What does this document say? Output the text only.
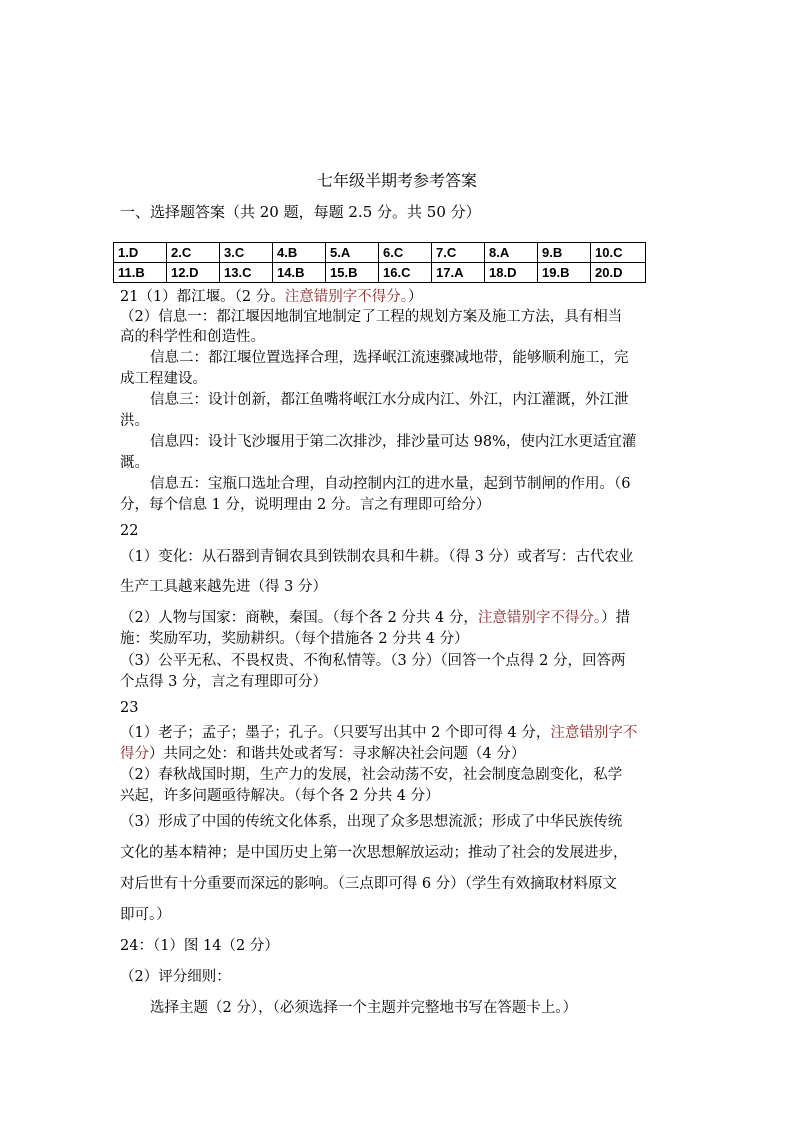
七年级半期考参考答案
一、选择题答案（共 20 题，每题 2.5 分。共 50 分）
1.D	2.C	3.C	4.B	5.A	6.C	7.C	8.A	9.B	10.C
11.B	12.D	13.C	14.B	15.B	16.C	17.A	18.D	19.B	20.D
21（1）都江堰。（2 分。注意错别字不得分。）
（2）信息一：都江堰因地制宜地制定了工程的规划方案及施工方法，具有相当
高的科学性和创造性。
信息二：都江堰位置选择合理，选择岷江流速骤减地带，能够顺利施工，完
成工程建设。
信息三：设计创新，都江鱼嘴将岷江水分成内江、外江，内江灌溉，外江泄
洪。
信息四：设计飞沙堰用于第二次排沙，排沙量可达 98%，使内江水更适宜灌
溉。
信息五：宝瓶口选址合理，自动控制内江的进水量，起到节制闸的作用。（6
分，每个信息 1 分，说明理由 2 分。言之有理即可给分）
22
（1）变化：从石器到青铜农具到铁制农具和牛耕。（得 3 分）或者写：古代农业
生产工具越来越先进（得 3 分）
（2）人物与国家：商鞅，秦国。（每个各 2 分共 4 分，注意错别字不得分。）措
施：奖励军功，奖励耕织。（每个措施各 2 分共 4 分）
（3）公平无私、不畏权贵、不徇私情等。（3 分）（回答一个点得 2 分，回答两
个点得 3 分，言之有理即可分）
23
（1）老子；孟子；墨子；孔子。（只要写出其中 2 个即可得 4 分，注意错别字不
得分）共同之处：和谐共处或者写：寻求解决社会问题（4 分）
（2）春秋战国时期，生产力的发展，社会动荡不安，社会制度急剧变化，私学
兴起，许多问题亟待解决。（每个各 2 分共 4 分）
（3）形成了中国的传统文化体系，出现了众多思想流派；形成了中华民族传统
文化的基本精神；是中国历史上第一次思想解放运动；推动了社会的发展进步，
对后世有十分重要而深远的影响。（三点即可得 6 分）（学生有效摘取材料原文
即可。）
24：（1）图 14（2 分）
（2）评分细则：
选择主题（2 分），（必须选择一个主题并完整地书写在答题卡上。）
